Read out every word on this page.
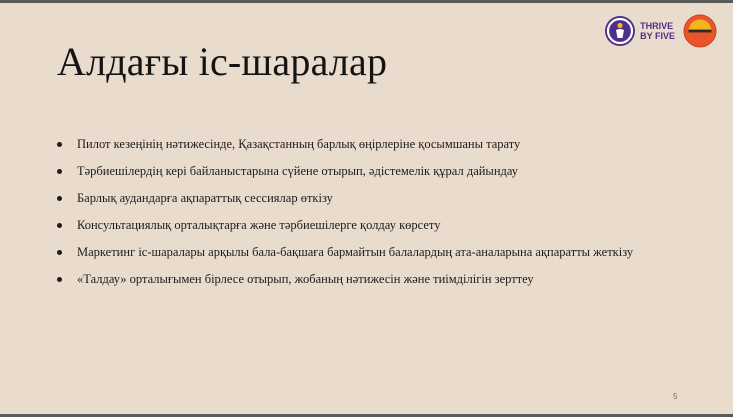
THRIVE
BY FIVE
Алдағы іс-шаралар
Пилот кезеңінің нәтижесінде, Қазақстанның барлық өңірлеріне қосымшаны тарату
Тәрбиешілердің кері байланыстарына сүйене отырып, әдістемелік құрал дайындау
Барлық аудандарға ақпараттық сессиялар өткізу
Консультациялық орталықтарға және тәрбиешілерге қолдау көрсету
Маркетинг іс-шаралары арқылы бала-бақшаға бармайтын балалардың ата-аналарына ақпаратты жеткізу
«Талдау» орталығымен бірлесе отырып, жобаның нәтижесін және тиімділігін зерттеу
5
